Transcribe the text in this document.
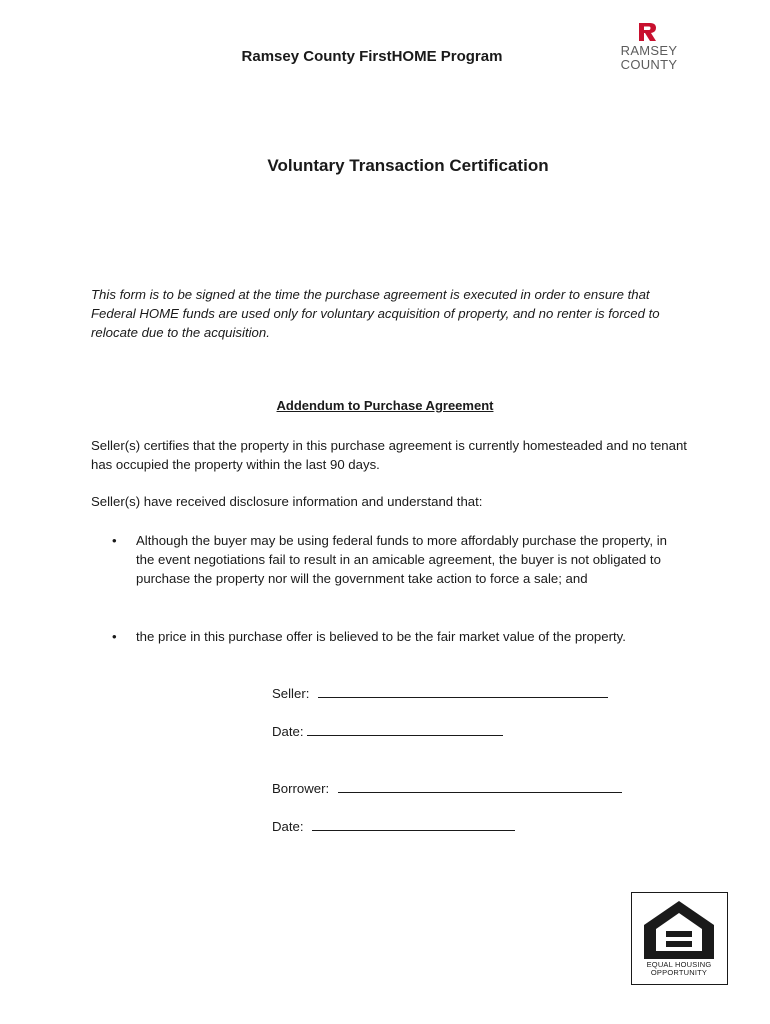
Ramsey County FirstHOME Program	RAMSEY
COUNTY
Voluntary Transaction Certification
This form is to be signed at the time the purchase agreement is executed in order to ensure that Federal HOME funds are used only for voluntary acquisition of property, and no renter is forced to relocate due to the acquisition.
Addendum to Purchase Agreement
Seller(s) certifies that the property in this purchase agreement is currently homesteaded and no tenant has occupied the property within the last 90 days.
Seller(s) have received disclosure information and understand that:
•	Although the buyer may be using federal funds to more affordably purchase the property, in the event negotiations fail to result in an amicable agreement, the buyer is not obligated to purchase the property nor will the government take action to force a sale; and
•	the price in this purchase offer is believed to be the fair market value of the property.
Seller:
Date:
Borrower:
Date:
EQUAL HOUSING
OPPORTUNITY
